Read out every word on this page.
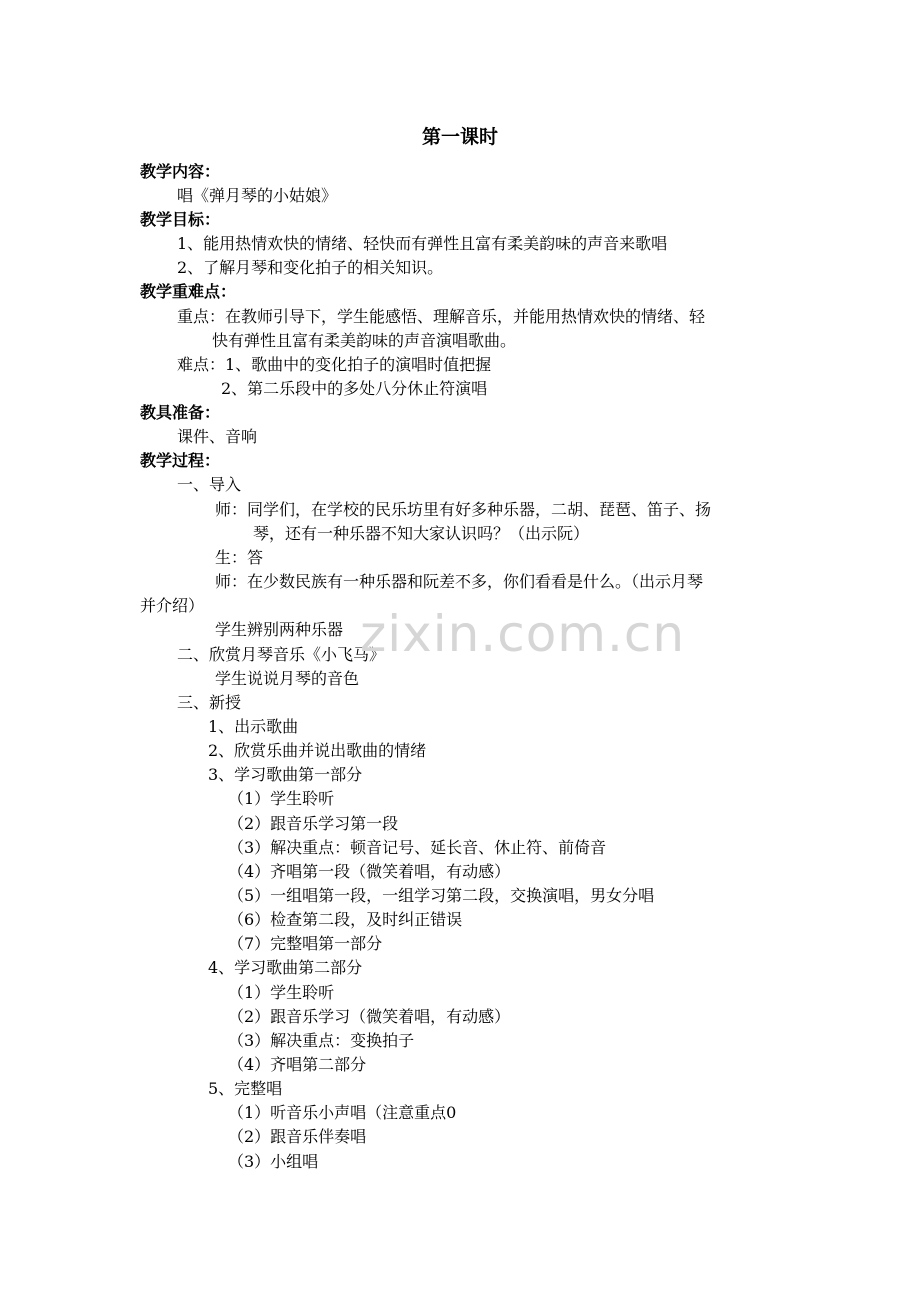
第一课时
教学内容：
唱《弹月琴的小姑娘》
教学目标：
1、能用热情欢快的情绪、轻快而有弹性且富有柔美韵味的声音来歌唱
2、了解月琴和变化拍子的相关知识。
教学重难点：
重点：在教师引导下，学生能感悟、理解音乐，并能用热情欢快的情绪、轻
快有弹性且富有柔美韵味的声音演唱歌曲。
难点：1、歌曲中的变化拍子的演唱时值把握
2、第二乐段中的多处八分休止符演唱
教具准备：
课件、音响
教学过程：
一、导入
师：同学们，在学校的民乐坊里有好多种乐器，二胡、琵琶、笛子、扬
琴，还有一种乐器不知大家认识吗？（出示阮）
生：答
师：在少数民族有一种乐器和阮差不多，你们看看是什么。（出示月琴
并介绍）
学生辨别两种乐器
二、欣赏月琴音乐《小飞马》
学生说说月琴的音色
三、新授
1、出示歌曲
2、欣赏乐曲并说出歌曲的情绪
3、学习歌曲第一部分
（1）学生聆听
（2）跟音乐学习第一段
（3）解决重点：顿音记号、延长音、休止符、前倚音
（4）齐唱第一段（微笑着唱，有动感）
（5）一组唱第一段，一组学习第二段，交换演唱，男女分唱
（6）检查第二段，及时纠正错误
（7）完整唱第一部分
4、学习歌曲第二部分
（1）学生聆听
（2）跟音乐学习（微笑着唱，有动感）
（3）解决重点：变换拍子
（4）齐唱第二部分
5、完整唱
（1）听音乐小声唱（注意重点0
（2）跟音乐伴奏唱
（3）小组唱
zixin.com.cn
